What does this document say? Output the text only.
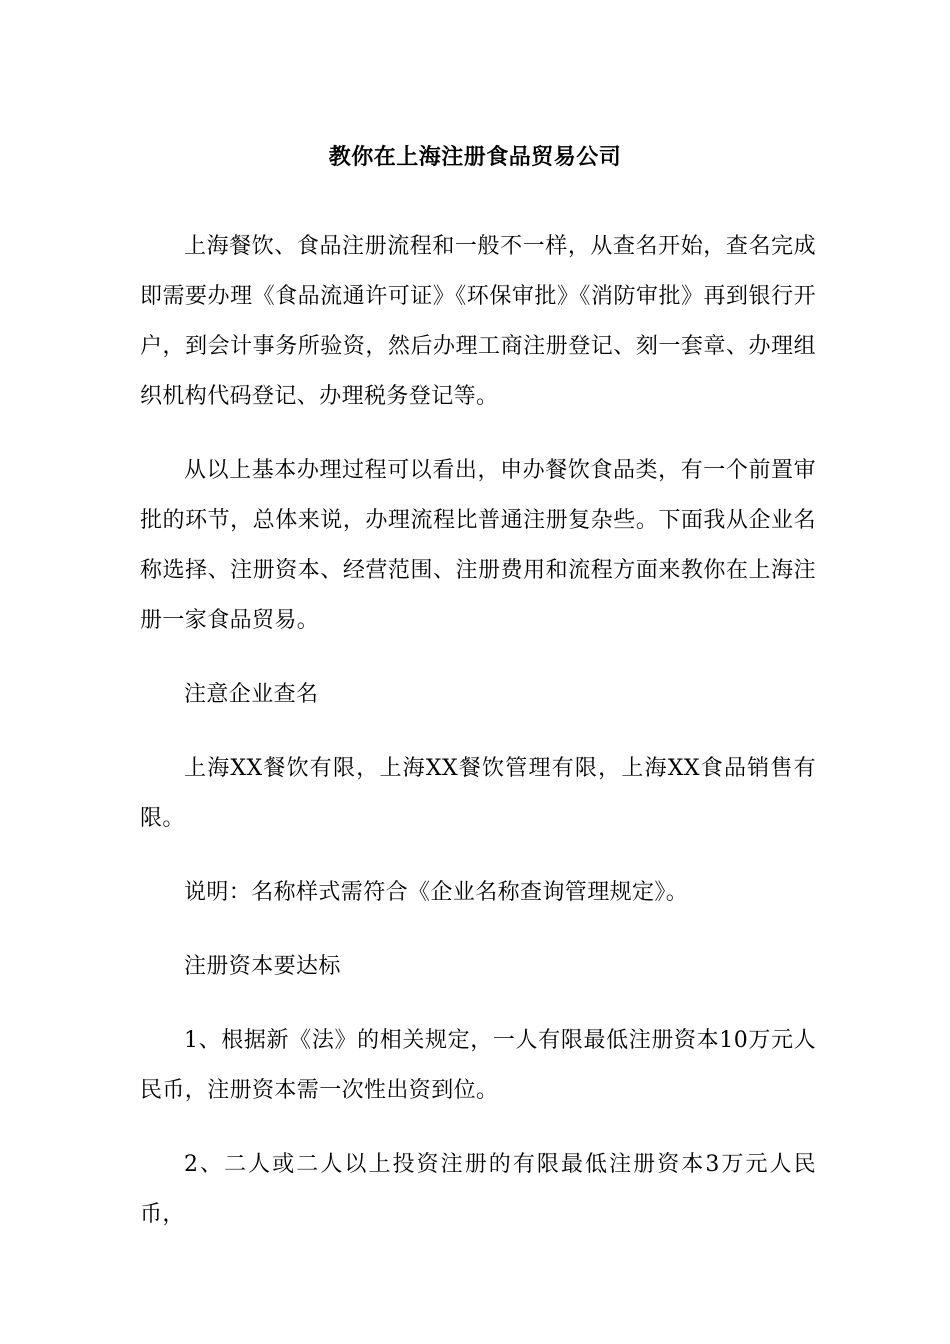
教你在上海注册食品贸易公司

上海餐饮、食品注册流程和一般不一样，从查名开始，查名完成即需要办理《食品流通许可证》《环保审批》《消防审批》再到银行开户，到会计事务所验资，然后办理工商注册登记、刻一套章、办理组织机构代码登记、办理税务登记等。

从以上基本办理过程可以看出，申办餐饮食品类，有一个前置审批的环节，总体来说，办理流程比普通注册复杂些。下面我从企业名称选择、注册资本、经营范围、注册费用和流程方面来教你在上海注册一家食品贸易。

注意企业查名

上海XX餐饮有限，上海XX餐饮管理有限，上海XX食品销售有限。

说明：名称样式需符合《企业名称查询管理规定》。

注册资本要达标

1、根据新《法》的相关规定，一人有限最低注册资本10万元人民币，注册资本需一次性出资到位。

2、二人或二人以上投资注册的有限最低注册资本3万元人民币，
